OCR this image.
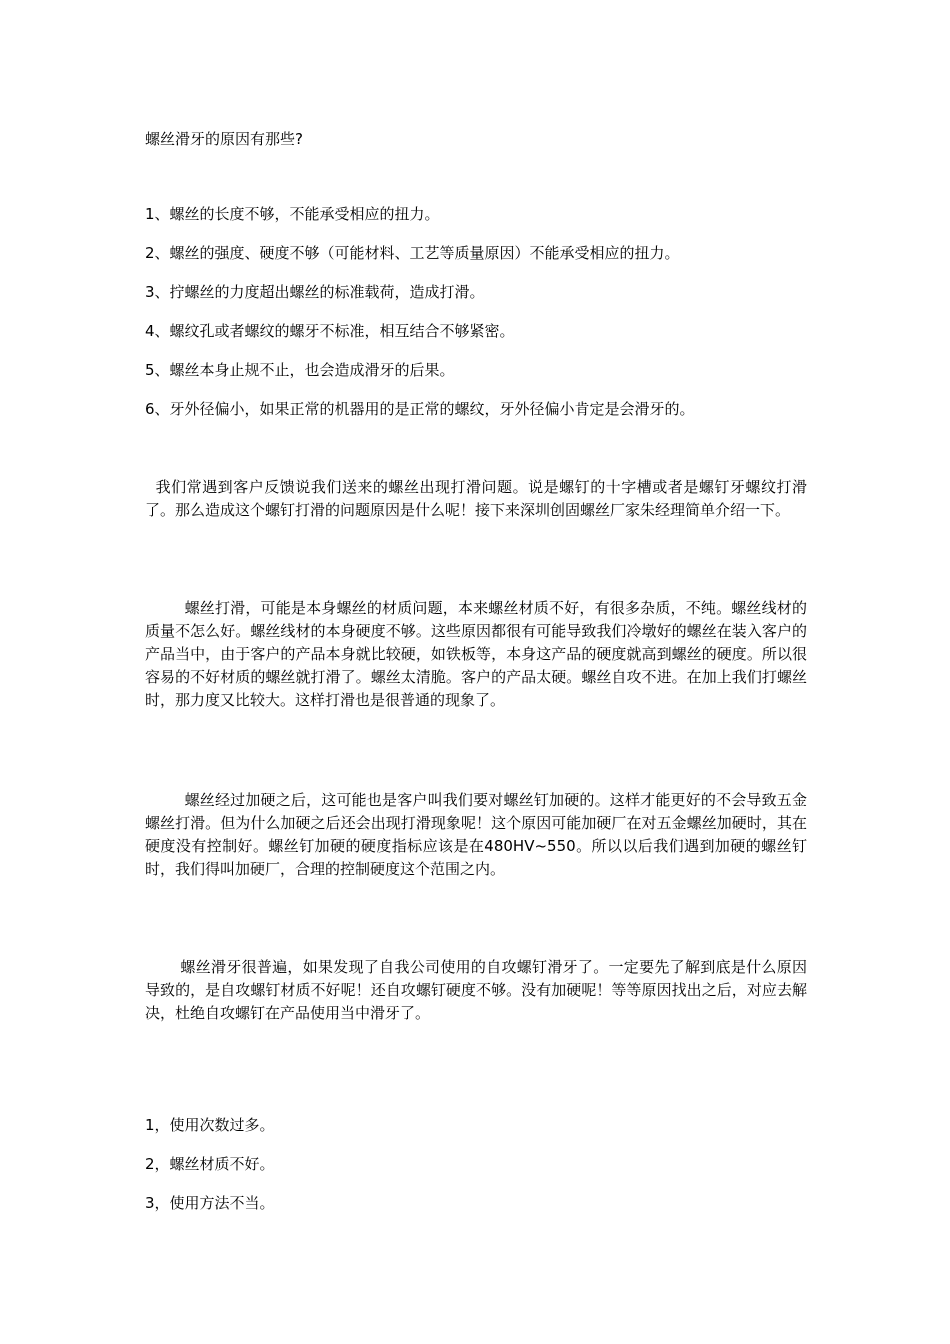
螺丝滑牙的原因有那些?
1、螺丝的长度不够，不能承受相应的扭力。
2、螺丝的强度、硬度不够（可能材料、工艺等质量原因）不能承受相应的扭力。
3、拧螺丝的力度超出螺丝的标准载荷，造成打滑。
4、螺纹孔或者螺纹的螺牙不标准，相互结合不够紧密。
5、螺丝本身止规不止，也会造成滑牙的后果。
6、牙外径偏小，如果正常的机器用的是正常的螺纹，牙外径偏小肯定是会滑牙的。

我们常遇到客户反馈说我们送来的螺丝出现打滑问题。说是螺钉的十字槽或者是螺钉牙螺纹打滑了。那么造成这个螺钉打滑的问题原因是什么呢！接下来深圳创固螺丝厂家朱经理简单介绍一下。

螺丝打滑，可能是本身螺丝的材质问题，本来螺丝材质不好，有很多杂质，不纯。螺丝线材的质量不怎么好。螺丝线材的本身硬度不够。这些原因都很有可能导致我们冷墩好的螺丝在装入客户的产品当中，由于客户的产品本身就比较硬，如铁板等，本身这产品的硬度就高到螺丝的硬度。所以很容易的不好材质的螺丝就打滑了。螺丝太清脆。客户的产品太硬。螺丝自攻不进。在加上我们打螺丝时，那力度又比较大。这样打滑也是很普通的现象了。

螺丝经过加硬之后，这可能也是客户叫我们要对螺丝钉加硬的。这样才能更好的不会导致五金螺丝打滑。但为什么加硬之后还会出现打滑现象呢！这个原因可能加硬厂在对五金螺丝加硬时，其在硬度没有控制好。螺丝钉加硬的硬度指标应该是在480HV~550。所以以后我们遇到加硬的螺丝钉时，我们得叫加硬厂，合理的控制硬度这个范围之内。

螺丝滑牙很普遍，如果发现了自我公司使用的自攻螺钉滑牙了。一定要先了解到底是什么原因导致的，是自攻螺钉材质不好呢！还自攻螺钉硬度不够。没有加硬呢！等等原因找出之后，对应去解决，杜绝自攻螺钉在产品使用当中滑牙了。

1，使用次数过多。
2，螺丝材质不好。
3，使用方法不当。
